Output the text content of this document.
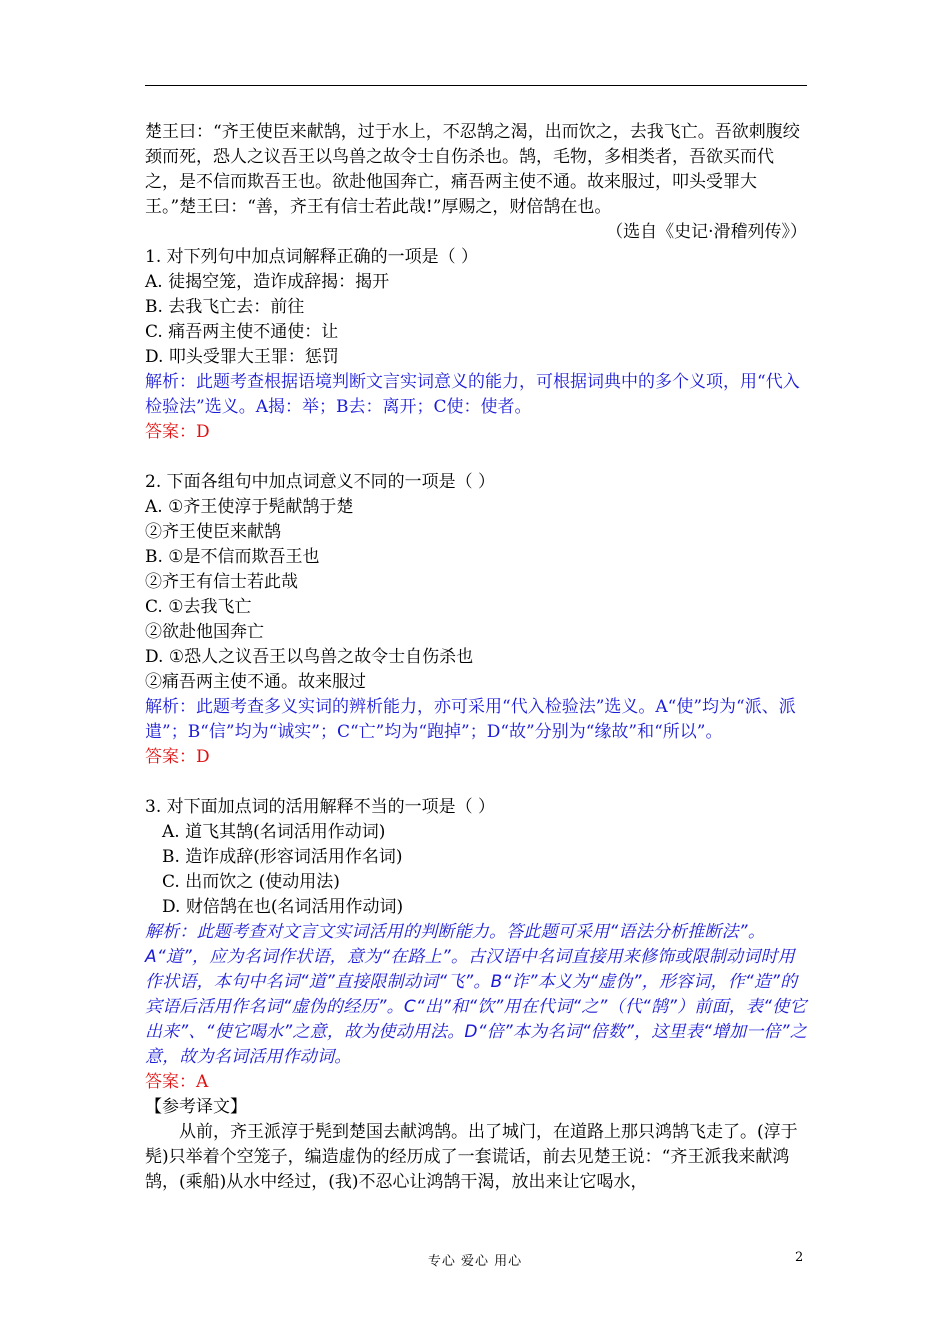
楚王曰：“齐王使臣来献鹄，过于水上，不忍鹄之渴，出而饮之，去我飞亡。吾欲刺腹绞颈而死，恐人之议吾王以鸟兽之故令士自伤杀也。鹄，毛物，多相类者，吾欲买而代之，是不信而欺吾王也。欲赴他国奔亡，痛吾两主使不通。故来服过，叩头受罪大王。”楚王曰：“善，齐王有信士若此哉!”厚赐之，财倍鹄在也。

（选自《史记·滑稽列传》）

1. 对下列句中加点词解释正确的一项是（ ）

A. 徒揭空笼，造诈成辞揭：揭开

B. 去我飞亡去：前往

C. 痛吾两主使不通使：让

D. 叩头受罪大王罪：惩罚

解析：此题考查根据语境判断文言实词意义的能力，可根据词典中的多个义项，用“代入检验法”选义。A揭：举；B去：离开；C使：使者。

答案：D

2. 下面各组句中加点词意义不同的一项是（ ）

A. ①齐王使淳于髡献鹄于楚

②齐王使臣来献鹄

B. ①是不信而欺吾王也

②齐王有信士若此哉

C. ①去我飞亡

②欲赴他国奔亡

D. ①恐人之议吾王以鸟兽之故令士自伤杀也

②痛吾两主使不通。故来服过

解析：此题考查多义实词的辨析能力，亦可采用“代入检验法”选义。A“使”均为“派、派遣”；B“信”均为“诚实”；C“亡”均为“跑掉”；D“故”分别为“缘故”和“所以”。

答案：D

3. 对下面加点词的活用解释不当的一项是（ ）

A. 道飞其鹄(名词活用作动词)

B. 造诈成辞(形容词活用作名词)

C. 出而饮之 (使动用法)

D. 财倍鹄在也(名词活用作动词)

解析：此题考查对文言文实词活用的判断能力。答此题可采用“语法分析推断法”。A“道”，应为名词作状语，意为“在路上”。古汉语中名词直接用来修饰或限制动词时用作状语，本句中名词“道”直接限制动词“飞”。B“诈”本义为“虚伪”，形容词，作“造”的宾语后活用作名词“虚伪的经历”。C“出”和“饮”用在代词“之”（代“鹄”）前面，表“使它出来”、“使它喝水”之意，故为使动用法。D“倍”本为名词“倍数”，这里表“增加一倍”之意，故为名词活用作动词。

答案：A

【参考译文】

从前，齐王派淳于髡到楚国去献鸿鹄。出了城门，在道路上那只鸿鹄飞走了。(淳于髡)只举着个空笼子，编造虚伪的经历成了一套谎话，前去见楚王说：“齐王派我来献鸿鹄，(乘船)从水中经过，(我)不忍心让鸿鹄干渴，放出来让它喝水，

专心 爱心 用心	2
